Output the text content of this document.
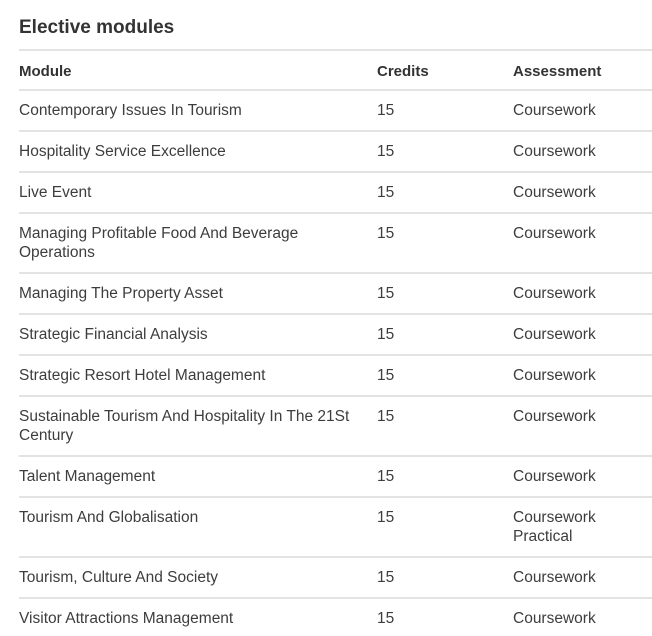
Elective modules
Module	Credits	Assessment
Contemporary Issues In Tourism	15	Coursework

Hospitality Service Excellence	15	Coursework

Live Event	15	Coursework

Managing Profitable Food And Beverage Operations	15	Coursework

Managing The Property Asset	15	Coursework

Strategic Financial Analysis	15	Coursework

Strategic Resort Hotel Management	15	Coursework

Sustainable Tourism And Hospitality In The 21St Century	15	Coursework

Talent Management	15	Coursework

Tourism And Globalisation	15	Coursework
Practical

Tourism, Culture And Society	15	Coursework

Visitor Attractions Management	15	Coursework
